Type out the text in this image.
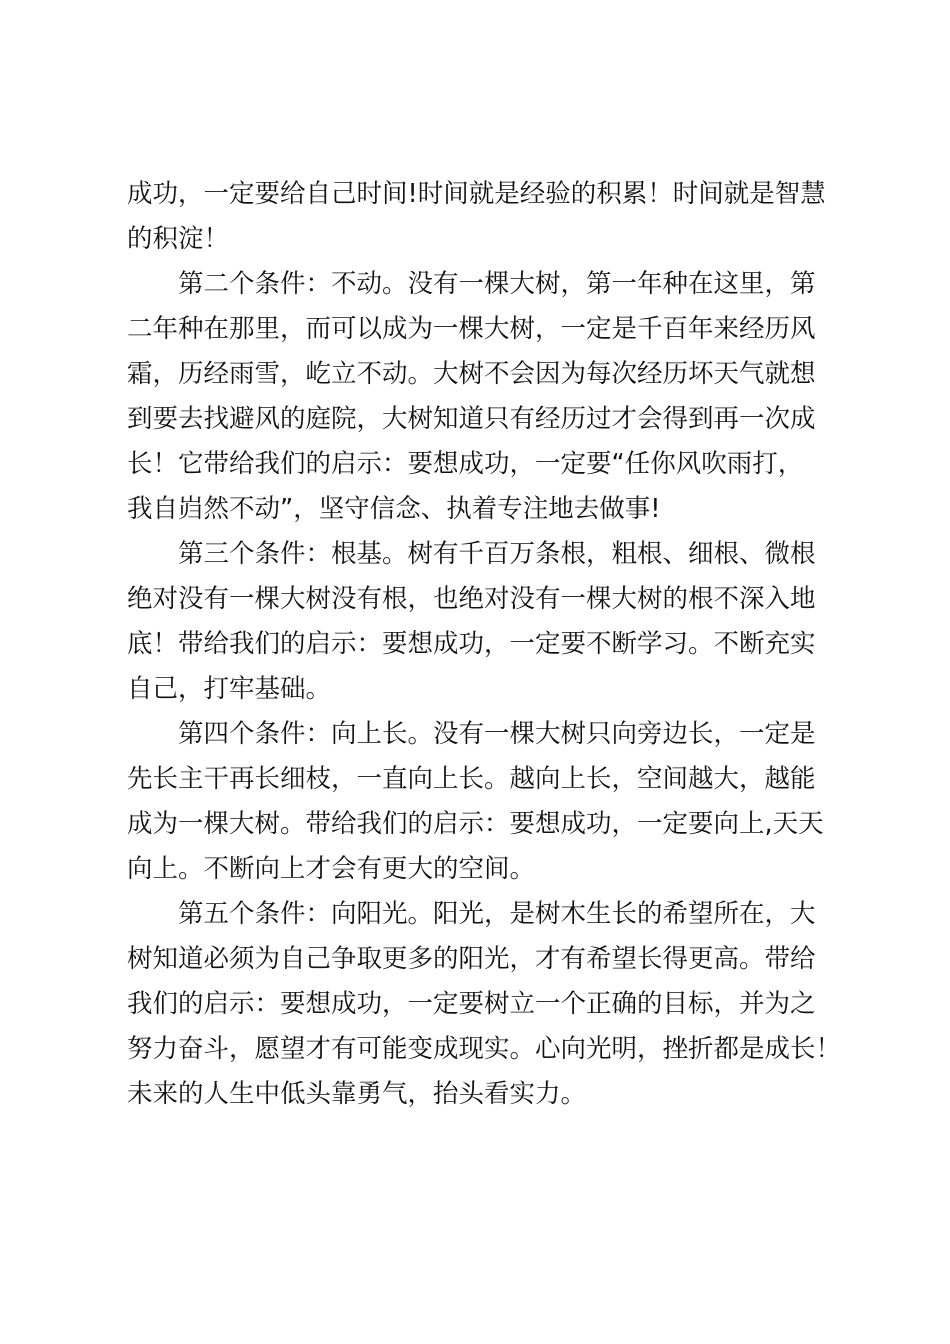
成功，一定要给自己时间!时间就是经验的积累！时间就是智慧
的积淀！
第二个条件：不动。没有一棵大树，第一年种在这里，第
二年种在那里，而可以成为一棵大树，一定是千百年来经历风
霜，历经雨雪，屹立不动。大树不会因为每次经历坏天气就想
到要去找避风的庭院，大树知道只有经历过才会得到再一次成
长！它带给我们的启示：要想成功，一定要“任你风吹雨打，
我自岿然不动”，坚守信念、执着专注地去做事!
第三个条件：根基。树有千百万条根，粗根、细根、微根
绝对没有一棵大树没有根，也绝对没有一棵大树的根不深入地
底！带给我们的启示：要想成功，一定要不断学习。不断充实
自己，打牢基础。
第四个条件：向上长。没有一棵大树只向旁边长，一定是
先长主干再长细枝，一直向上长。越向上长，空间越大，越能
成为一棵大树。带给我们的启示：要想成功，一定要向上,天天
向上。不断向上才会有更大的空间。
第五个条件：向阳光。阳光，是树木生长的希望所在，大
树知道必须为自己争取更多的阳光，才有希望长得更高。带给
我们的启示：要想成功，一定要树立一个正确的目标，并为之
努力奋斗，愿望才有可能变成现实。心向光明，挫折都是成长！
未来的人生中低头靠勇气，抬头看实力。
